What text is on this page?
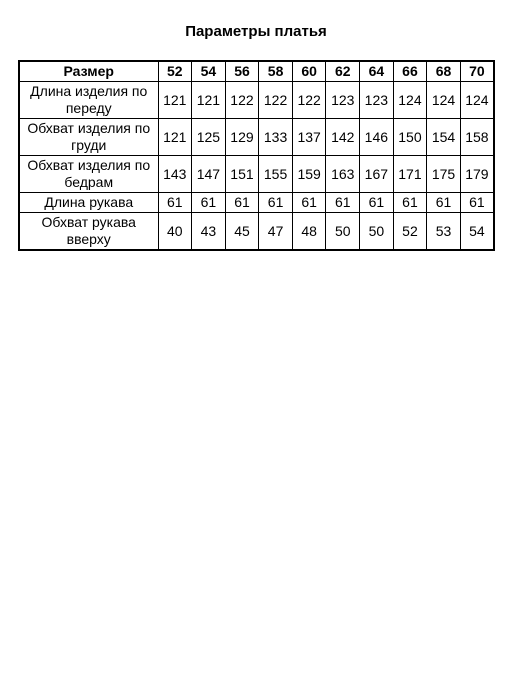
Параметры платья
Размер	52	54	56	58	60	62	64	66	68	70

Длина изделия по
переду	121	121	122	122	122	123	123	124	124	124

Обхват изделия по
груди	121	125	129	133	137	142	146	150	154	158

Обхват изделия по
бедрам	143	147	151	155	159	163	167	171	175	179

Длина рукава	61	61	61	61	61	61	61	61	61	61

Обхват рукава
вверху	40	43	45	47	48	50	50	52	53	54
